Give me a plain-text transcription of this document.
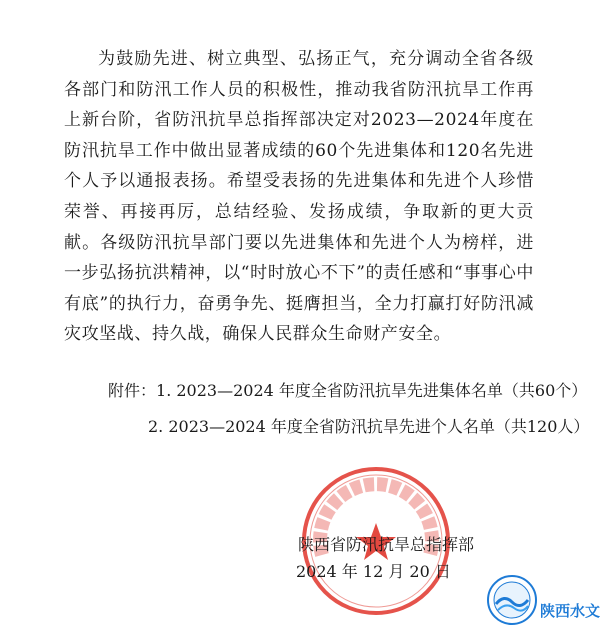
为鼓励先进、树立典型、弘扬正气，充分调动全省各级各部门和防汛工作人员的积极性，推动我省防汛抗旱工作再上新台阶，省防汛抗旱总指挥部决定对2023—2024年度在防汛抗旱工作中做出显著成绩的60个先进集体和120名先进个人予以通报表扬。希望受表扬的先进集体和先进个人珍惜荣誉、再接再厉，总结经验、发扬成绩，争取新的更大贡献。各级防汛抗旱部门要以先进集体和先进个人为榜样，进一步弘扬抗洪精神，以“时时放心不下”的责任感和“事事心中有底”的执行力，奋勇争先、挺膺担当，全力打赢打好防汛减灾攻坚战、持久战，确保人民群众生命财产安全。

附件：1. 2023—2024 年度全省防汛抗旱先进集体名单（共60个）
2. 2023—2024 年度全省防汛抗旱先进个人名单（共120人）
陕西省防汛抗旱总指挥部
2024 年 12 月 20 日
陕西水文
